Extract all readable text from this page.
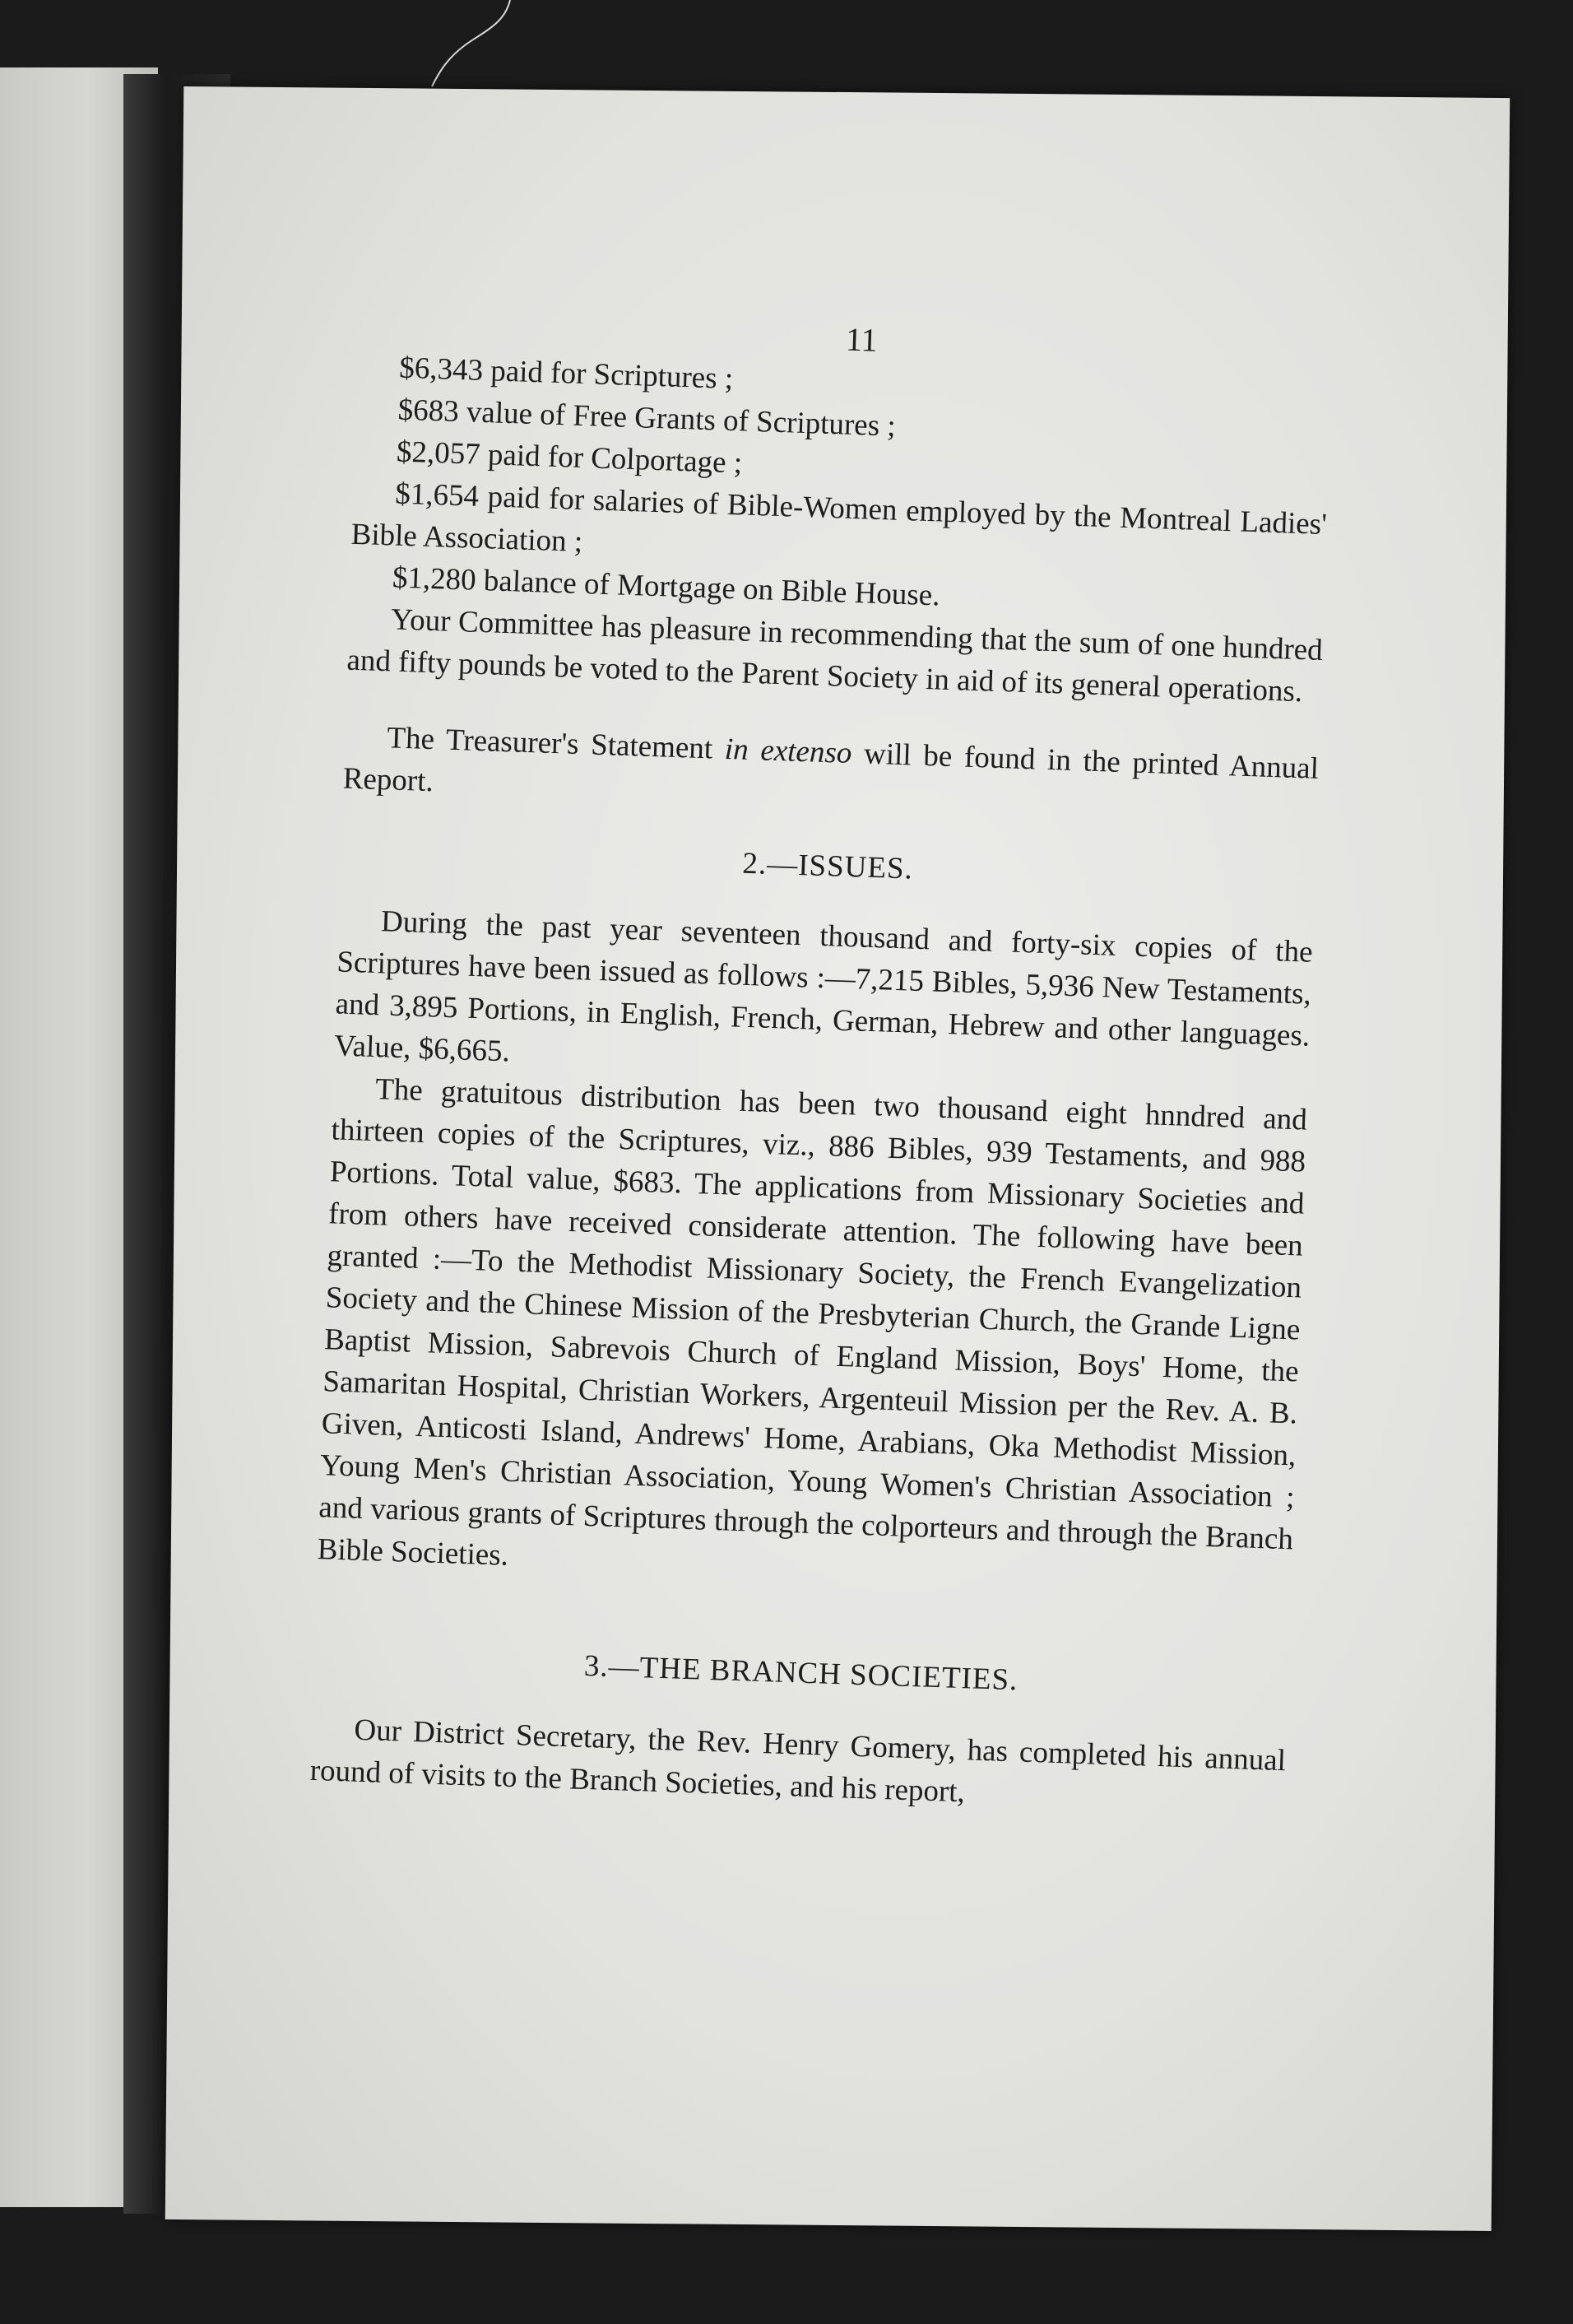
11

$6,343 paid for Scriptures ;

$683 value of Free Grants of Scriptures ;

$2,057 paid for Colportage ;

$1,654 paid for salaries of Bible-Women employed by the Montreal Ladies' Bible Association ;

$1,280 balance of Mortgage on Bible House.

Your Committee has pleasure in recommending that the sum of one hundred and fifty pounds be voted to the Parent Society in aid of its general operations.

The Treasurer's Statement in extenso will be found in the printed Annual Report.

2.—ISSUES.

During the past year seventeen thousand and forty-six copies of the Scriptures have been issued as follows :—7,215 Bibles, 5,936 New Testaments, and 3,895 Portions, in English, French, German, Hebrew and other languages. Value, $6,665.

The gratuitous distribution has been two thousand eight hnndred and thirteen copies of the Scriptures, viz., 886 Bibles, 939 Testaments, and 988 Portions. Total value, $683. The applications from Missionary Societies and from others have received considerate attention. The following have been granted :—To the Methodist Missionary Society, the French Evangelization Society and the Chinese Mission of the Presbyterian Church, the Grande Ligne Baptist Mission, Sabrevois Church of England Mission, Boys' Home, the Samaritan Hospital, Christian Workers, Argenteuil Mission per the Rev. A. B. Given, Anticosti Island, Andrews' Home, Arabians, Oka Methodist Mission, Young Men's Christian Association, Young Women's Christian Association ; and various grants of Scriptures through the colporteurs and through the Branch Bible Societies.

3.—THE BRANCH SOCIETIES.

Our District Secretary, the Rev. Henry Gomery, has completed his annual round of visits to the Branch Societies, and his report,
